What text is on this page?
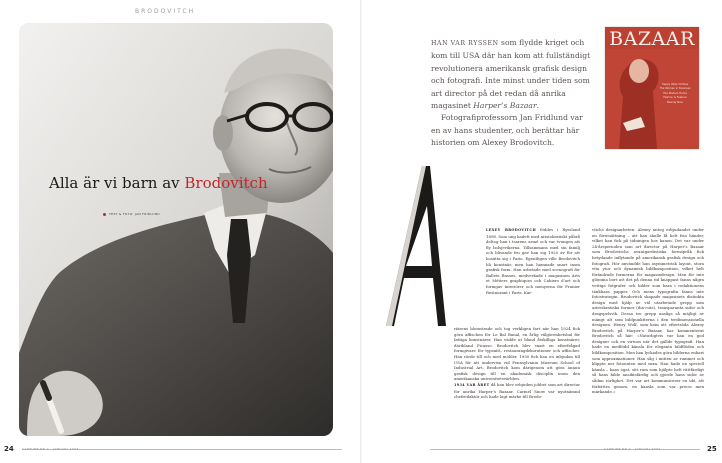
BRODOVITCH
Alla är vi barn av Brodovitch
TEXT & FOTO: JAN FRIDLUND
24	CAPTURE NR 2 · JANUARI 2007

HAN VAR RYSSEN som flydde kriget och kom till USA där han kom att fullständigt revolutionera amerikansk grafisk design och fotografi. Inte minst under tiden som art director på det redan då anrika magasinet Harper’s Bazaar.

Fotografiprofessorn Jan Fridlund var en av hans studenter, och berättar här historien om Alexey Brodovitch.

BAZAAR
Happy Wear Clothes
The Woman in Business
The Modern Home
Fashion & Feature
Beauty Now

LEXEY BRODOVITCH föddes i Ryssland 1898. Som ung kadett med aristokratiskt påbrå deltog han i tsarens armé och var tvungen att fly bolsjevikerna. Tillsammans med sin familj och blivande fru gav han sig 1920 av för att bosätta sig i Paris. Egentligen ville Brodovitch bli konstnär, men han hamnade snart inom grafisk form. Han arbetade med scenografi för Ballets Russes, medverkade i magasinen Arts et Métiers graphiques och Cahiers d’art och formgav interiörer och menyerna för Prunier Restaurant i Paris. Kar-

riärens blomstrade och tog verkligen fart när han 1924 fick göra affischen för Le Bal Banal, en årlig välgörenhetsbal för fattiga konstnärer. Han vädde ut bland åtskilliga konstnärer, däribland Picasso. Brodovitch blev snart en efterfrågad formgivare för typsnitt, restaurangdekorationer och affischer. Han rörde till och med möbler. 1930 fick han en inbjudan till USA för att undervisa vid Pennsylvania Museum School of Industrial Art. Brodovitch kom därigenom att göra ännun grafisk design till en akademisk disciplin inom den amerikanska universitetsvärlden.

1934 VAR ÅRET då han blev erbjuden jobbet som art director för anrika Harper’s Bazaar. Carmel Snow var nyutnämnd chefredaktör och hade lagt märke till Brodo-

vitchs designarbeten. Alexey antog erbjudandet under en förutsättning – att han skulle få helt fria händer, vilket han fick på tidningen hos kanen. Det var under 24-årsperioden som art director på Harper’s Bazaar som Brodovitchs avantgardistiska formspråk fick betydande inflytande på amerikansk grafisk design och fotografi. Hör användde han asymmetrisk layout, stora vita ytor och dynamisk bildkomposition, vilket helt förändrade formerna för magasindesign. Men för inte glömma bort att det på denna tid knappast fanns några vettiga fotgrafer och bilder som bara i redaktionens tänkbara papper. Och mens typografin fanns inte fotostrategin. Brodovitch skapade magasinets distinkta design med hjälp av väl utarbetade grepp som aristokratiska former (dia-cuts), transparanta sidor och dragspelsvik. Dessa tre grepp ansågs så mäjligt av mängt alt som bildpunktterna i den tredimensionella designen. Henry Wolf, som kom att efterträda Alexey Brodovitch på Harper’s Bazaar, har kommenterat Brodovitch så här: «Naturligtvis var han en god designer och en virtuos när det gällde typografi. Han hade en medfödd känsla för eleganta bildflöden och bildkomposition. Men han lyckades göra bilderna enbart som approximationer. Han såg i mitten av rummet och klippte ner fotonuten med suxa. Han hade en speciell känsla – hans ögat, sitt rum som hjälpte helt rättfärdigt så hans bilde ansiktsfärdig och gjorde hans sidor av sådan rörlighet. Det var art kommunicerar en idé, att förbättra genom, en känsla som var precis men märkande.»

CAPTURE NR 2 · JANUARI 2007	25
